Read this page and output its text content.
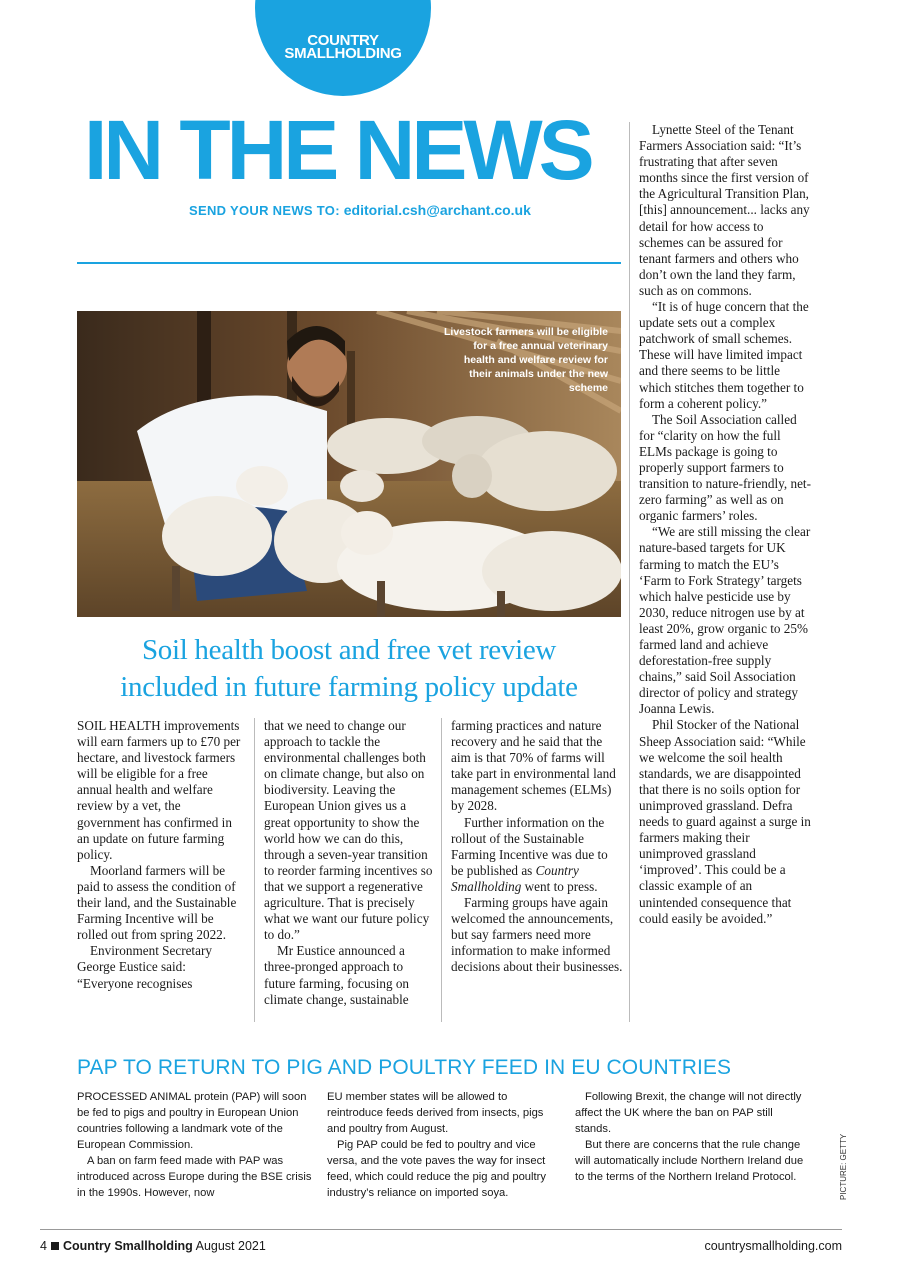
COUNTRY
SMALLHOLDING
IN THE NEWS
SEND YOUR NEWS TO: editorial.csh@archant.co.uk
Livestock farmers will be eligible for a free annual veterinary health and welfare review for their animals under the new scheme
Soil health boost and free vet review
included in future farming policy update

SOIL HEALTH improvements will earn farmers up to £70 per hectare, and livestock farmers will be eligible for a free annual health and welfare review by a vet, the government has confirmed in an update on future farming policy.

Moorland farmers will be paid to assess the condition of their land, and the Sustainable Farming Incentive will be rolled out from spring 2022.

Environment Secretary George Eustice said: “Everyone recognises

that we need to change our approach to tackle the environmental challenges both on climate change, but also on biodiversity. Leaving the European Union gives us a great opportunity to show the world how we can do this, through a seven-year transition to reorder farming incentives so that we support a regenerative agriculture. That is precisely what we want our future policy to do.”

Mr Eustice announced a three-pronged approach to future farming, focusing on climate change, sustainable

farming practices and nature recovery and he said that the aim is that 70% of farms will take part in environmental land management schemes (ELMs) by 2028.

Further information on the rollout of the Sustainable Farming Incentive was due to be published as Country Smallholding went to press.

Farming groups have again welcomed the announcements, but say farmers need more information to make informed decisions about their businesses.

Lynette Steel of the Tenant Farmers Association said: “It’s frustrating that after seven months since the first version of the Agricultural Transition Plan, [this] announcement... lacks any detail for how access to schemes can be assured for tenant farmers and others who don’t own the land they farm, such as on commons.

“It is of huge concern that the update sets out a complex patchwork of small schemes. These will have limited impact and there seems to be little which stitches them together to form a coherent policy.”

The Soil Association called for “clarity on how the full ELMs package is going to properly support farmers to transition to nature-friendly, net-zero farming” as well as on organic farmers’ roles.

“We are still missing the clear nature-based targets for UK farming to match the EU’s ‘Farm to Fork Strategy’ targets which halve pesticide use by 2030, reduce nitrogen use by at least 20%, grow organic to 25% farmed land and achieve deforestation-free supply chains,” said Soil Association director of policy and strategy Joanna Lewis.

Phil Stocker of the National Sheep Association said: “While we welcome the soil health standards, we are disappointed that there is no soils option for unimproved grassland. Defra needs to guard against a surge in farmers making their unimproved grassland ‘improved’. This could be a classic example of an unintended consequence that could easily be avoided.”

PAP TO RETURN TO PIG AND POULTRY FEED IN EU COUNTRIES

PROCESSED ANIMAL protein (PAP) will soon be fed to pigs and poultry in European Union countries following a landmark vote of the European Commission.

A ban on farm feed made with PAP was introduced across Europe during the BSE crisis in the 1990s. However, now

EU member states will be allowed to reintroduce feeds derived from insects, pigs and poultry from August.

Pig PAP could be fed to poultry and vice versa, and the vote paves the way for insect feed, which could reduce the pig and poultry industry’s reliance on imported soya.

Following Brexit, the change will not directly affect the UK where the ban on PAP still stands.

But there are concerns that the rule change will automatically include Northern Ireland due to the terms of the Northern Ireland Protocol.	PICTURE: GETTY
4 Country Smallholding August 2021	countrysmallholding.com
